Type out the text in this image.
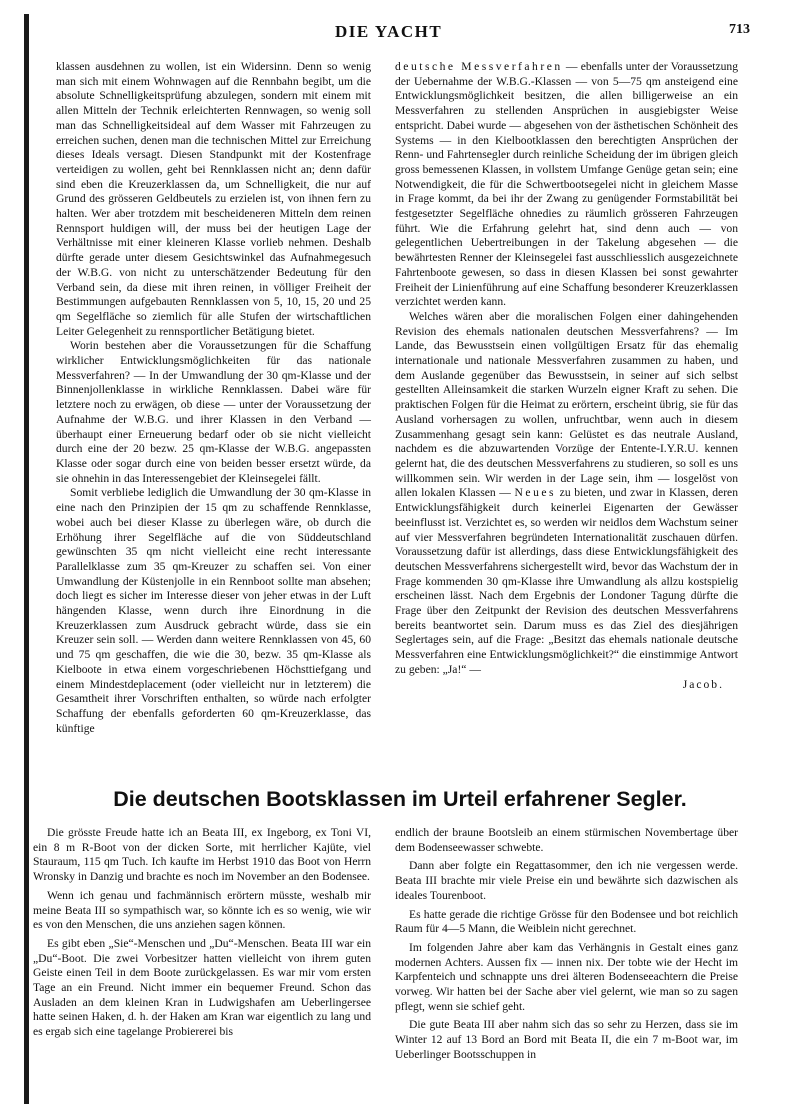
DIE YACHT	713

klassen ausdehnen zu wollen, ist ein Widersinn. Denn so wenig man sich mit einem Wohnwagen auf die Rennbahn begibt, um die absolute Schnelligkeitsprüfung abzulegen, sondern mit einem mit allen Mitteln der Technik erleichterten Rennwagen, so wenig soll man das Schnelligkeitsideal auf dem Wasser mit Fahrzeugen zu erreichen suchen, denen man die technischen Mittel zur Erreichung dieses Ideals versagt. Diesen Standpunkt mit der Kostenfrage verteidigen zu wollen, geht bei Rennklassen nicht an; denn dafür sind eben die Kreuzerklassen da, um Schnelligkeit, die nur auf Grund des grösseren Geldbeutels zu erzielen ist, von ihnen fern zu halten. Wer aber trotzdem mit bescheideneren Mitteln dem reinen Rennsport huldigen will, der muss bei der heutigen Lage der Verhältnisse mit einer kleineren Klasse vorlieb nehmen. Deshalb dürfte gerade unter diesem Gesichtswinkel das Aufnahmegesuch der W.B.G. von nicht zu unterschätzender Bedeutung für den Verband sein, da diese mit ihren reinen, in völliger Freiheit der Bestimmungen aufgebauten Rennklassen von 5, 10, 15, 20 und 25 qm Segelfläche so ziemlich für alle Stufen der wirtschaftlichen Leiter Gelegenheit zu rennsportlicher Betätigung bietet.

Worin bestehen aber die Voraussetzungen für die Schaffung wirklicher Entwicklungsmöglichkeiten für das nationale Messverfahren? — In der Umwandlung der 30 qm-Klasse und der Binnenjollenklasse in wirkliche Rennklassen. Dabei wäre für letztere noch zu erwägen, ob diese — unter der Voraussetzung der Aufnahme der W.B.G. und ihrer Klassen in den Verband — überhaupt einer Erneuerung bedarf oder ob sie nicht vielleicht durch eine der 20 bezw. 25 qm-Klasse der W.B.G. angepassten Klasse oder sogar durch eine von beiden besser ersetzt würde, da sie ohnehin in das Interessengebiet der Kleinsegelei fällt.

Somit verbliebe lediglich die Umwandlung der 30 qm-Klasse in eine nach den Prinzipien der 15 qm zu schaffende Rennklasse, wobei auch bei dieser Klasse zu überlegen wäre, ob durch die Erhöhung ihrer Segelfläche auf die von Süddeutschland gewünschten 35 qm nicht vielleicht eine recht interessante Parallelklasse zum 35 qm-Kreuzer zu schaffen sei. Von einer Umwandlung der Küstenjolle in ein Rennboot sollte man absehen; doch liegt es sicher im Interesse dieser von jeher etwas in der Luft hängenden Klasse, wenn durch ihre Einordnung in die Kreuzerklassen zum Ausdruck gebracht würde, dass sie ein Kreuzer sein soll. — Werden dann weitere Rennklassen von 45, 60 und 75 qm geschaffen, die wie die 30, bezw. 35 qm-Klasse als Kielboote in etwa einem vorgeschriebenen Höchsttiefgang und einem Mindestdeplacement (oder vielleicht nur in letzterem) die Gesamtheit ihrer Vorschriften enthalten, so würde nach erfolgter Schaffung der ebenfalls geforderten 60 qm-Kreuzerklasse, das künftige

deutsche Messverfahren — ebenfalls unter der Voraussetzung der Uebernahme der W.B.G.-Klassen — von 5—75 qm ansteigend eine Entwicklungsmöglichkeit besitzen, die allen billigerweise an ein Messverfahren zu stellenden Ansprüchen in ausgiebigster Weise entspricht. Dabei wurde — abgesehen von der ästhetischen Schönheit des Systems — in den Kielbootklassen den berechtigten Ansprüchen der Renn- und Fahrtensegler durch reinliche Scheidung der im übrigen gleich gross bemessenen Klassen, in vollstem Umfange Genüge getan sein; eine Notwendigkeit, die für die Schwertbootsegelei nicht in gleichem Masse in Frage kommt, da bei ihr der Zwang zu genügender Formstabilität bei festgesetzter Segelfläche ohnedies zu räumlich grösseren Fahrzeugen führt. Wie die Erfahrung gelehrt hat, sind denn auch — von gelegentlichen Uebertreibungen in der Takelung abgesehen — die bewährtesten Renner der Kleinsegelei fast ausschliesslich ausgezeichnete Fahrtenboote gewesen, so dass in diesen Klassen bei sonst gewahrter Freiheit der Linienführung auf eine Schaffung besonderer Kreuzerklassen verzichtet werden kann.

Welches wären aber die moralischen Folgen einer dahingehenden Revision des ehemals nationalen deutschen Messverfahrens? — Im Lande, das Bewusstsein einen vollgültigen Ersatz für das ehemalig internationale und nationale Messverfahren zusammen zu haben, und dem Auslande gegenüber das Bewusstsein, in seiner auf sich selbst gestellten Alleinsamkeit die starken Wurzeln eigner Kraft zu sehen. Die praktischen Folgen für die Heimat zu erörtern, erscheint übrig, sie für das Ausland vorhersagen zu wollen, unfruchtbar, wenn auch in diesem Zusammenhang gesagt sein kann: Gelüstet es das neutrale Ausland, nachdem es die abzuwartenden Vorzüge der Entente-I.Y.R.U. kennen gelernt hat, die des deutschen Messverfahrens zu studieren, so soll es uns willkommen sein. Wir werden in der Lage sein, ihm — losgelöst von allen lokalen Klassen — Neues zu bieten, und zwar in Klassen, deren Entwicklungsfähigkeit durch keinerlei Eigenarten der Gewässer beeinflusst ist. Verzichtet es, so werden wir neidlos dem Wachstum seiner auf vier Messverfahren begründeten Internationalität zuschauen dürfen. Voraussetzung dafür ist allerdings, dass diese Entwicklungsfähigkeit des deutschen Messverfahrens sichergestellt wird, bevor das Wachstum der in Frage kommenden 30 qm-Klasse ihre Umwandlung als allzu kostspielig erscheinen lässt. Nach dem Ergebnis der Londoner Tagung dürfte die Frage über den Zeitpunkt der Revision des deutschen Messverfahrens bereits beantwortet sein. Darum muss es das Ziel des diesjährigen Seglertages sein, auf die Frage: „Besitzt das ehemals nationale deutsche Messverfahren eine Entwicklungsmöglichkeit?“ die einstimmige Antwort zu geben: „Ja!“ —

Jacob.
Die deutschen Bootsklassen im Urteil erfahrener Segler.

Die grösste Freude hatte ich an Beata III, ex Ingeborg, ex Toni VI, ein 8 m R-Boot von der dicken Sorte, mit herrlicher Kajüte, viel Stauraum, 115 qm Tuch. Ich kaufte im Herbst 1910 das Boot von Herrn Wronsky in Danzig und brachte es noch im November an den Bodensee.

Wenn ich genau und fachmännisch erörtern müsste, weshalb mir meine Beata III so sympathisch war, so könnte ich es so wenig, wie wir es von den Menschen, die uns anziehen sagen können.

Es gibt eben „Sie“-Menschen und „Du“-Menschen. Beata III war ein „Du“-Boot. Die zwei Vorbesitzer hatten vielleicht von ihrem guten Geiste einen Teil in dem Boote zurückgelassen. Es war mir vom ersten Tage an ein Freund. Nicht immer ein bequemer Freund. Schon das Ausladen an dem kleinen Kran in Ludwigshafen am Ueberlingersee hatte seinen Haken, d. h. der Haken am Kran war eigentlich zu lang und es ergab sich eine tagelange Probiererei bis

endlich der braune Bootsleib an einem stürmischen Novembertage über dem Bodenseewasser schwebte.

Dann aber folgte ein Regattasommer, den ich nie vergessen werde. Beata III brachte mir viele Preise ein und bewährte sich dazwischen als ideales Tourenboot.

Es hatte gerade die richtige Grösse für den Bodensee und bot reichlich Raum für 4—5 Mann, die Weiblein nicht gerechnet.

Im folgenden Jahre aber kam das Verhängnis in Gestalt eines ganz modernen Achters. Aussen fix — innen nix. Der tobte wie der Hecht im Karpfenteich und schnappte uns drei älteren Bodenseeachtern die Preise vorweg. Wir hatten bei der Sache aber viel gelernt, wie man so zu sagen pflegt, wenn sie schief geht.

Die gute Beata III aber nahm sich das so sehr zu Herzen, dass sie im Winter 12 auf 13 Bord an Bord mit Beata II, die ein 7 m-Boot war, im Ueberlinger Bootsschuppen in
